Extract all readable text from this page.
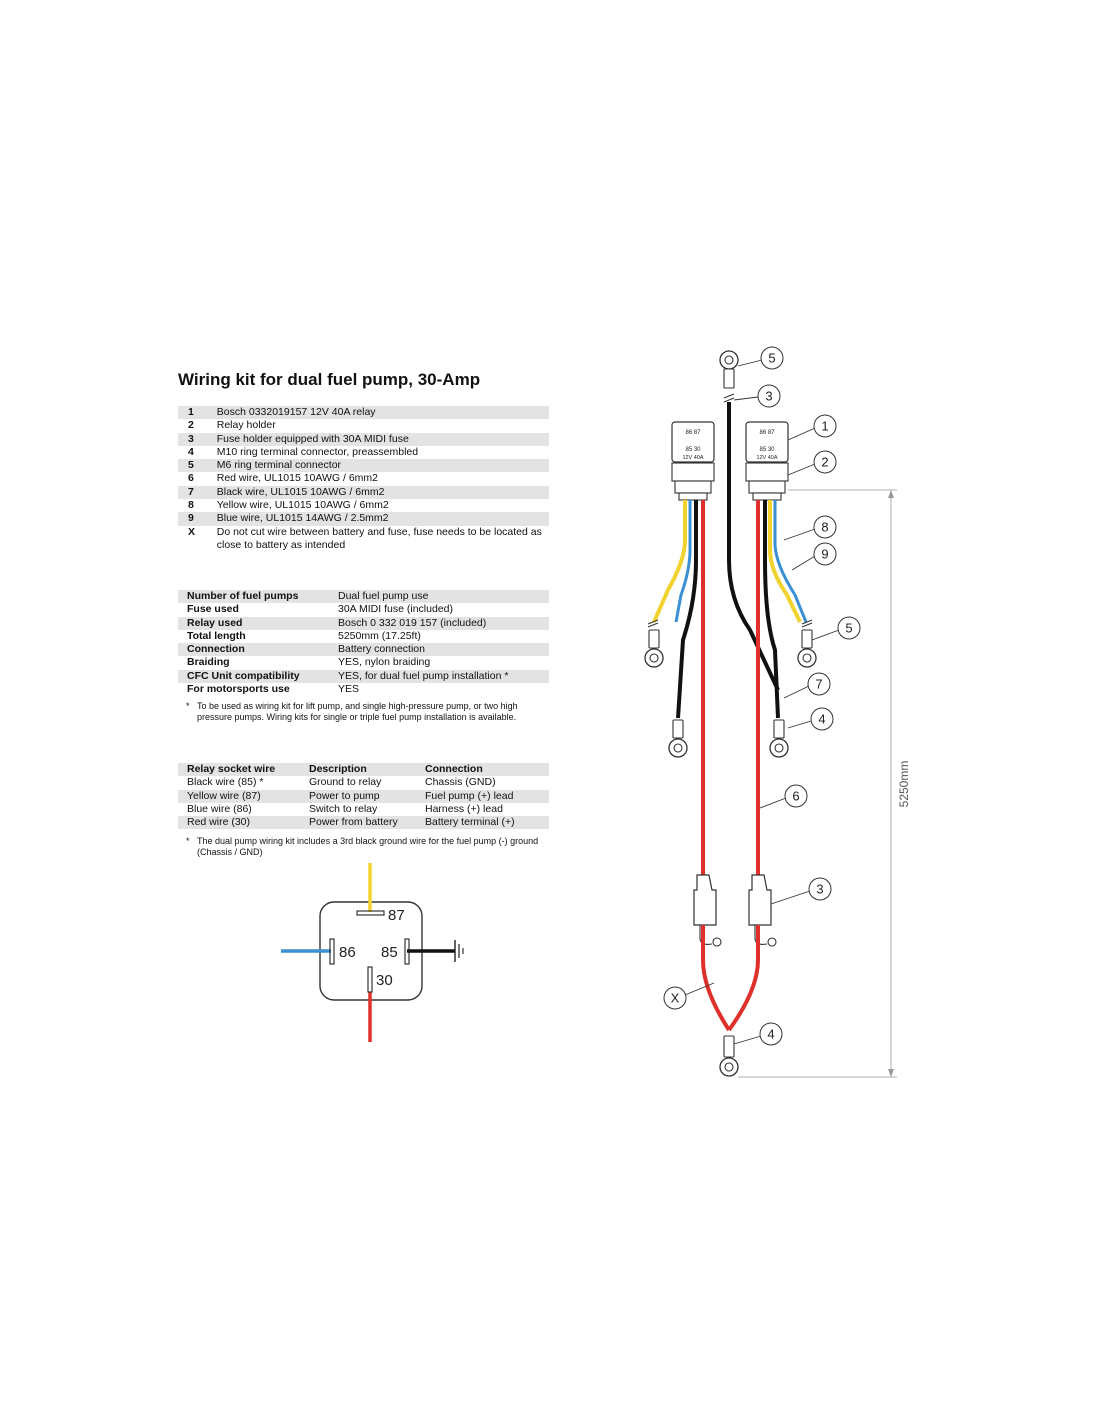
Wiring kit for dual fuel pump, 30-Amp
1	Bosch 0332019157 12V 40A relay
2	Relay holder
3	Fuse holder equipped with 30A MIDI fuse
4	M10 ring terminal connector, preassembled
5	M6 ring terminal connector
6	Red wire, UL1015 10AWG / 6mm2
7	Black wire, UL1015 10AWG / 6mm2
8	Yellow wire, UL1015 10AWG / 6mm2
9	Blue wire, UL1015 14AWG / 2.5mm2
X	Do not cut wire between battery and fuse, fuse needs to be located as close to battery as intended
Number of fuel pumps	Dual fuel pump use
Fuse used	30A MIDI fuse (included)
Relay used	Bosch 0 332 019 157 (included)
Total length	5250mm (17.25ft)
Connection	Battery connection
Braiding	YES, nylon braiding
CFC Unit compatibility	YES, for dual fuel pump installation *
For motorsports use	YES
* To be used as wiring kit for lift pump, and single high-pressure pump, or two high pressure pumps. Wiring kits for single or triple fuel pump installation is available.
Relay socket wire	Description	Connection
Black wire (85) *	Ground to relay	Chassis (GND)
Yellow wire (87)	Power to pump	Fuel pump (+) lead
Blue wire (86)	Switch to relay	Harness (+) lead
Red wire (30)	Power from battery	Battery terminal (+)
* The dual pump wiring kit includes a 3rd black ground wire for the fuel pump (-) ground (Chassis / GND)
87
86 85
30
86 87
85 30
12V 40A
86 87
85 30
12V 40A
5250mm
5
3
1
2
8
9
5
7
4
6
3
X
4
